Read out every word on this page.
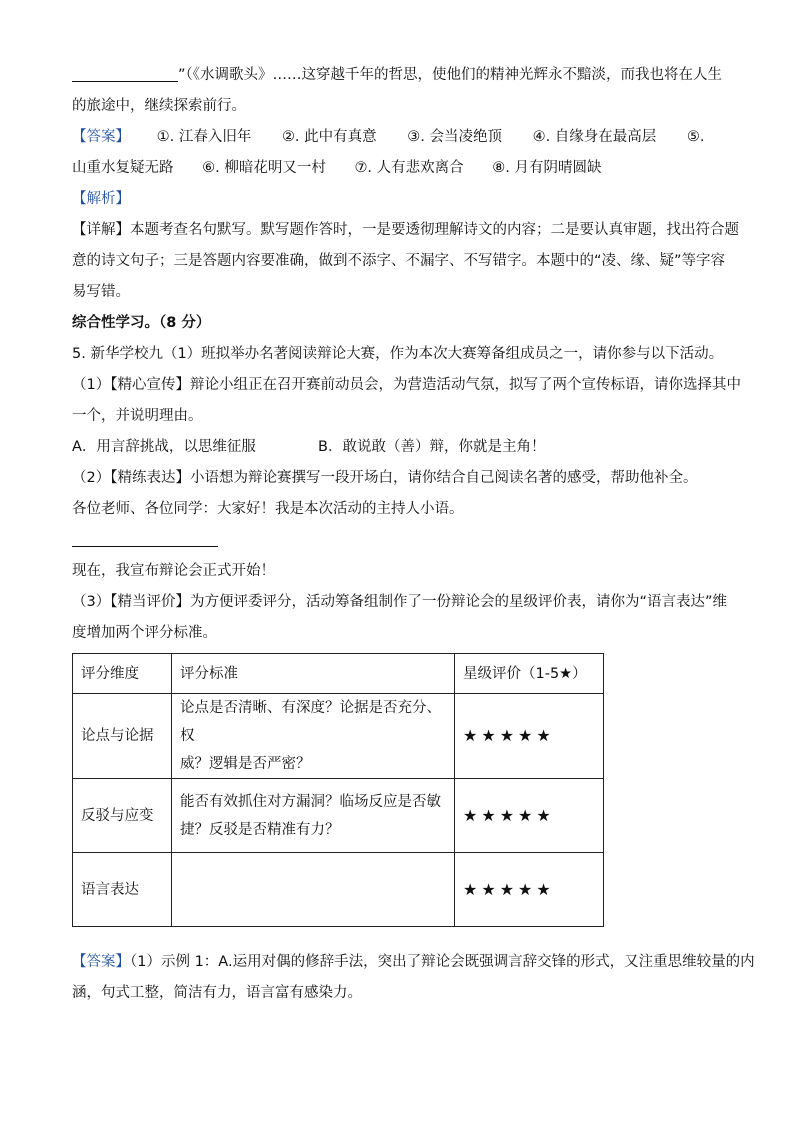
”（《水调歌头》……这穿越千年的哲思，使他们的精神光辉永不黯淡，而我也将在人生
的旅途中，继续探索前行。
【答案】 ①. 江春入旧年 ②. 此中有真意 ③. 会当凌绝顶 ④. 自缘身在最高层 ⑤.
山重水复疑无路 ⑥. 柳暗花明又一村 ⑦. 人有悲欢离合 ⑧. 月有阴晴圆缺
【解析】
【详解】本题考查名句默写。默写题作答时，一是要透彻理解诗文的内容；二是要认真审题，找出符合题
意的诗文句子；三是答题内容要准确，做到不添字、不漏字、不写错字。本题中的“凌、缘、疑”等字容
易写错。
综合性学习。（8 分）
5. 新华学校九（1）班拟举办名著阅读辩论大赛，作为本次大赛筹备组成员之一，请你参与以下活动。
（1）【精心宣传】辩论小组正在召开赛前动员会，为营造活动气氛，拟写了两个宣传标语，请你选择其中
一个，并说明理由。
A．用言辞挑战，以思维征服	B．敢说敢（善）辩，你就是主角！
（2）【精练表达】小语想为辩论赛撰写一段开场白，请你结合自己阅读名著的感受，帮助他补全。
各位老师、各位同学：大家好！我是本次活动的主持人小语。
现在，我宣布辩论会正式开始！
（3）【精当评价】为方便评委评分，活动筹备组制作了一份辩论会的星级评价表，请你为“语言表达”维
度增加两个评分标准。
评分维度	评分标准	星级评价（1-5★）
论点与论据	论点是否清晰、有深度？论据是否充分、权
威？逻辑是否严密？	★★★★★
反驳与应变	能否有效抓住对方漏洞？临场反应是否敏
捷？反驳是否精准有力？	★★★★★
语言表达		★★★★★
【答案】（1）示例 1：A.运用对偶的修辞手法，突出了辩论会既强调言辞交锋的形式，又注重思维较量的内
涵，句式工整，简洁有力，语言富有感染力。
